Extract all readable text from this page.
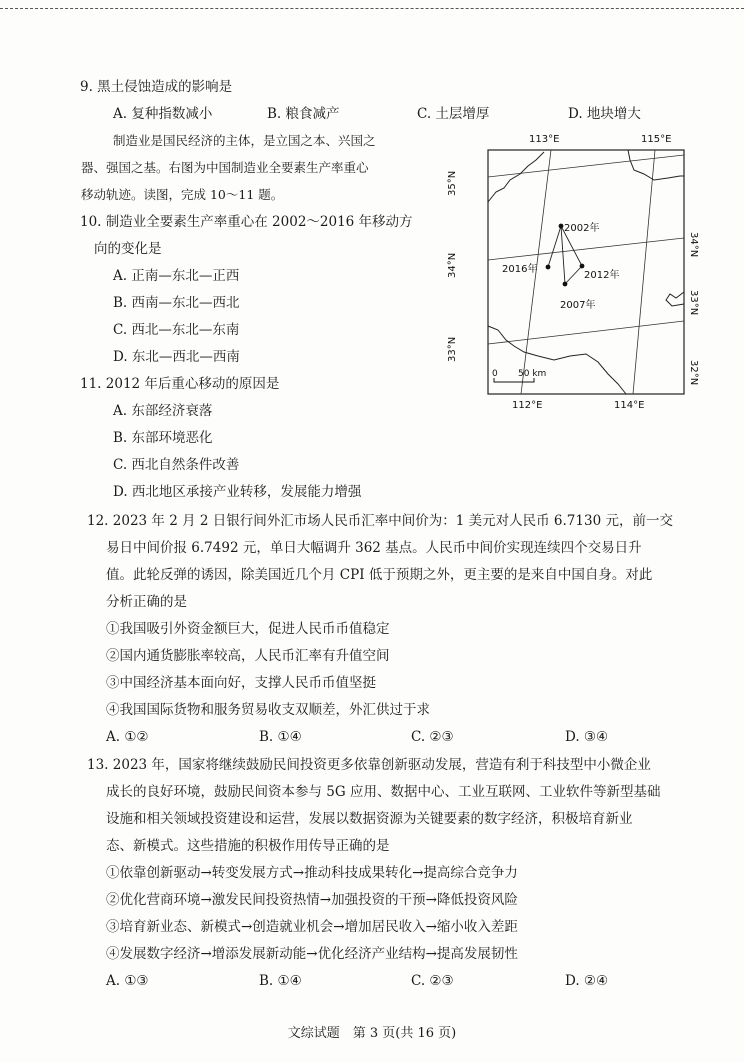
9. 黑土侵蚀造成的影响是
A. 复种指数减小	B. 粮食减产	C. 土层增厚	D. 地块增大
制造业是国民经济的主体，是立国之本、兴国之
器、强国之基。右图为中国制造业全要素生产率重心
移动轨迹。读图，完成 10～11 题。
10. 制造业全要素生产率重心在 2002～2016 年移动方
向的变化是
A. 正南—东北—正西
B. 西南—东北—西北
C. 西北—东北—东南
D. 东北—西北—西南
11. 2012 年后重心移动的原因是
A. 东部经济衰落
B. 东部环境恶化
C. 西北自然条件改善
D. 西北地区承接产业转移，发展能力增强
2002年
2016年
2012年
2007年
113°E	115°E
112°E	114°E
35°N
34°N
33°N
34°N
33°N
32°N
0 50 km
12. 2023 年 2 月 2 日银行间外汇市场人民币汇率中间价为：1 美元对人民币 6.7130 元，前一交
易日中间价报 6.7492 元，单日大幅调升 362 基点。人民币中间价实现连续四个交易日升
值。此轮反弹的诱因，除美国近几个月 CPI 低于预期之外，更主要的是来自中国自身。对此
分析正确的是
①我国吸引外资金额巨大，促进人民币币值稳定
②国内通货膨胀率较高，人民币汇率有升值空间
③中国经济基本面向好，支撑人民币币值坚挺
④我国国际货物和服务贸易收支双顺差，外汇供过于求
A. ①②	B. ①④	C. ②③	D. ③④
13. 2023 年，国家将继续鼓励民间投资更多依靠创新驱动发展，营造有利于科技型中小微企业
成长的良好环境，鼓励民间资本参与 5G 应用、数据中心、工业互联网、工业软件等新型基础
设施和相关领域投资建设和运营，发展以数据资源为关键要素的数字经济，积极培育新业
态、新模式。这些措施的积极作用传导正确的是
①依靠创新驱动→转变发展方式→推动科技成果转化→提高综合竞争力
②优化营商环境→激发民间投资热情→加强投资的干预→降低投资风险
③培育新业态、新模式→创造就业机会→增加居民收入→缩小收入差距
④发展数字经济→增添发展新动能→优化经济产业结构→提高发展韧性
A. ①③	B. ①④	C. ②③	D. ②④
文综试题　第 3 页(共 16 页)
